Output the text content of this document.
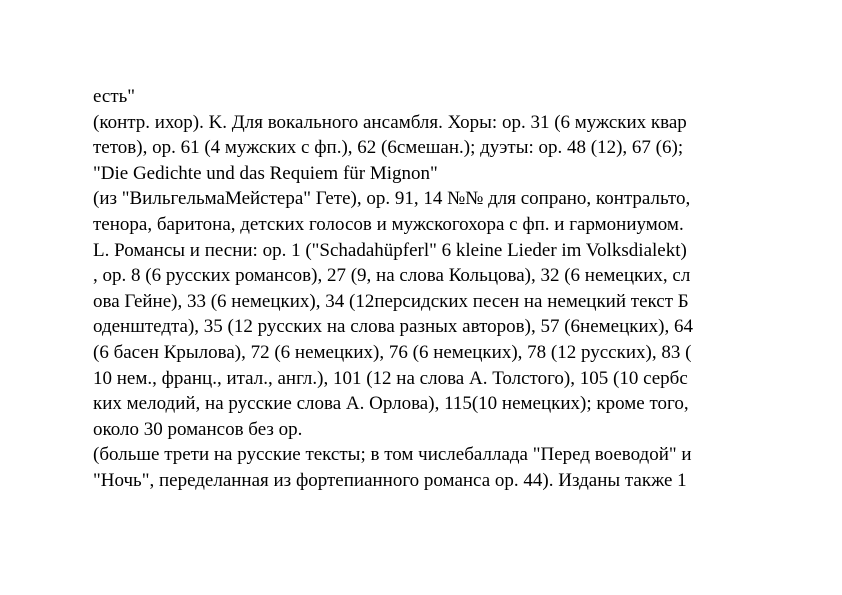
есть"
(контр. ихор). K. Для вокального ансамбля. Хоры: ор. 31 (6 мужских квар
тетов), ор. 61 (4 мужских с фп.), 62 (6смешан.); дуэты: ор. 48 (12), 67 (6);
"Die Gedichte und das Requiem für Mignon"
(из "ВильгельмаМейстера" Гете), ор. 91, 14 №№ для сопрано, контральто,
тенора, баритона, детских голосов и мужскогохора с фп. и гармониумом.
L. Романсы и песни: ор. 1 ("Schadahüpferl" 6 kleine Lieder im Volksdialekt)
, ор. 8 (6 русских романсов), 27 (9, на слова Кольцова), 32 (6 немецких, сл
ова Гейне), 33 (6 немецких), 34 (12персидских песен на немецкий текст Б
оденштедта), 35 (12 русских на слова разных авторов), 57 (6немецких), 64
(6 басен Крылова), 72 (6 немецких), 76 (6 немецких), 78 (12 русских), 83 (
10 нем., франц., итал., англ.), 101 (12 на слова А. Толстого), 105 (10 сербс
ких мелодий, на русские слова А. Орлова), 115(10 немецких); кроме того,
около 30 романсов без ор.
(больше трети на русские тексты; в том числебаллада "Перед воеводой" и
"Ночь", переделанная из фортепианного романса ор. 44). Изданы также 1
